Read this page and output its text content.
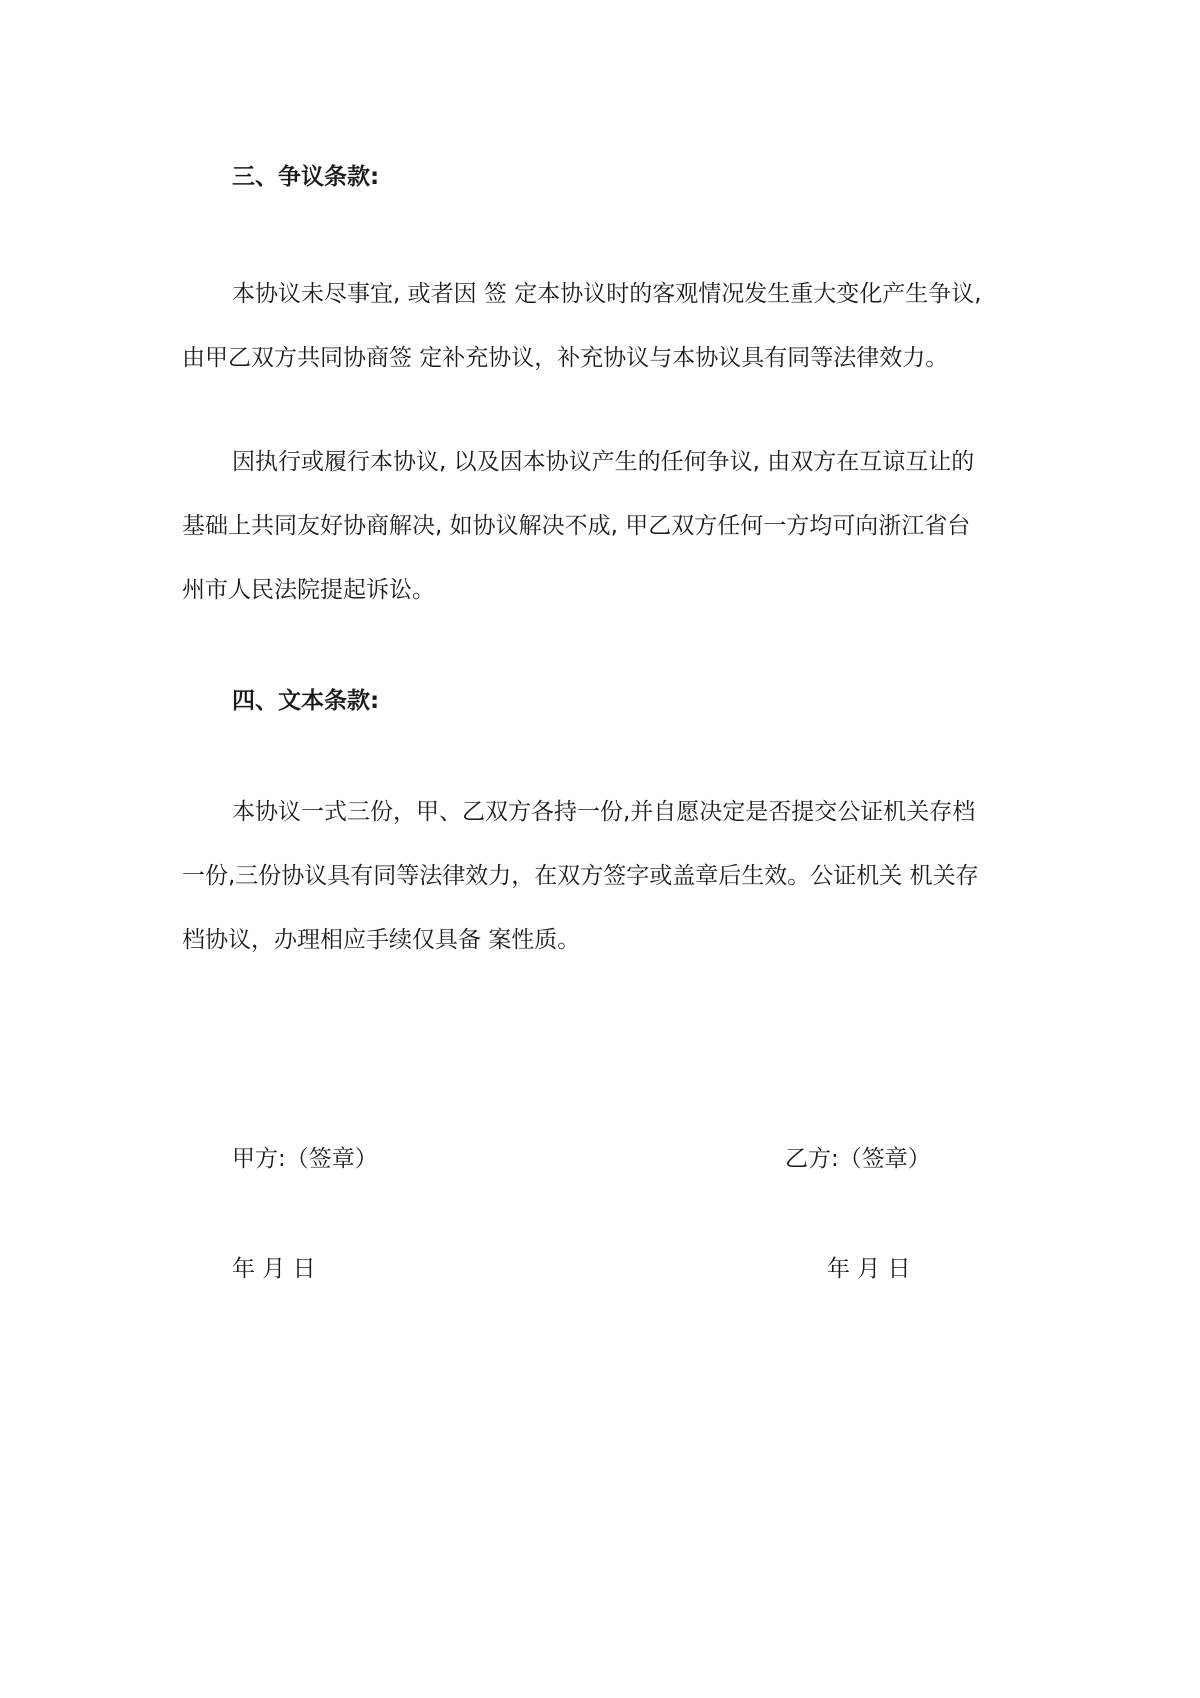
三、争议条款:
本协议未尽事宜, 或者因 签 定本协议时的客观情况发生重大变化产生争议,
由甲乙双方共同协商签 定补充协议，补充协议与本协议具有同等法律效力。
因执行或履行本协议, 以及因本协议产生的任何争议, 由双方在互谅互让的
基础上共同友好协商解决, 如协议解决不成, 甲乙双方任何一方均可向浙江省台
州市人民法院提起诉讼。
四、文本条款:
本协议一式三份，甲、乙双方各持一份,并自愿决定是否提交公证机关存档
一份,三份协议具有同等法律效力，在双方签字或盖章后生效。公证机关 机关存
档协议，办理相应手续仅具备 案性质。
甲方:（签章）	乙方:（签章）
年 月 日	年 月 日
